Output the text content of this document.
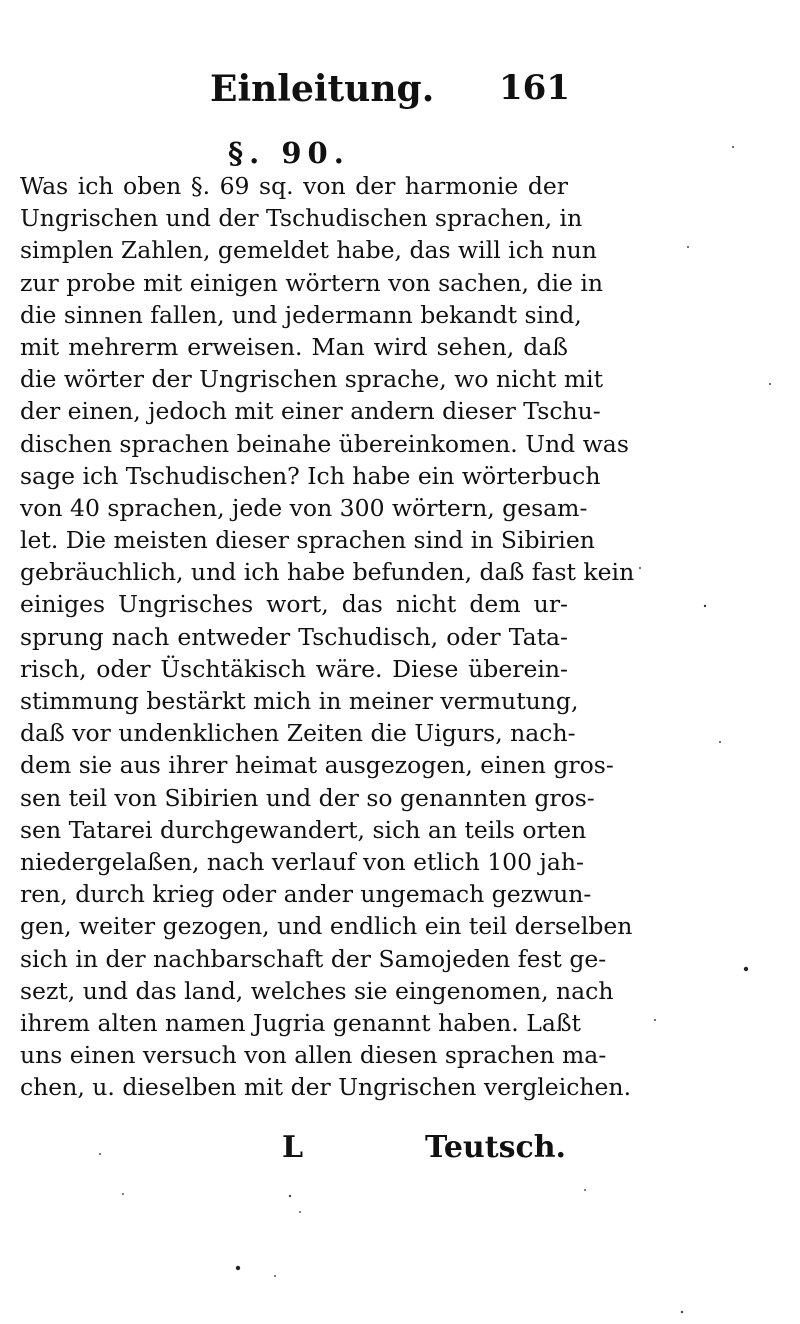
Einleitung. 161
§. 90.
Was ich oben §. 69 sq. von der harmonie der
Ungrischen und der Tschudischen sprachen, in
simplen Zahlen, gemeldet habe, das will ich nun
zur probe mit einigen wörtern von sachen, die in
die sinnen fallen, und jedermann bekandt sind,
mit mehrerm erweisen. Man wird sehen, daß
die wörter der Ungrischen sprache, wo nicht mit
der einen, jedoch mit einer andern dieser Tschu-
dischen sprachen beinahe übereinkomen. Und was
sage ich Tschudischen? Ich habe ein wörterbuch
von 40 sprachen, jede von 300 wörtern, gesam-
let. Die meisten dieser sprachen sind in Sibirien
gebräuchlich, und ich habe befunden, daß fast kein
einiges Ungrisches wort, das nicht dem ur-
sprung nach entweder Tschudisch, oder Tata-
risch, oder Üschtäkisch wäre. Diese überein-
stimmung bestärkt mich in meiner vermutung,
daß vor undenklichen Zeiten die Uigurs, nach-
dem sie aus ihrer heimat ausgezogen, einen gros-
sen teil von Sibirien und der so genannten gros-
sen Tatarei durchgewandert, sich an teils orten
niedergelaßen, nach verlauf von etlich 100 jah-
ren, durch krieg oder ander ungemach gezwun-
gen, weiter gezogen, und endlich ein teil derselben
sich in der nachbarschaft der Samojeden fest ge-
sezt, und das land, welches sie eingenomen, nach
ihrem alten namen Jugria genannt haben. Laßt
uns einen versuch von allen diesen sprachen ma-
chen, u. dieselben mit der Ungrischen vergleichen.
L	Teutsch.
